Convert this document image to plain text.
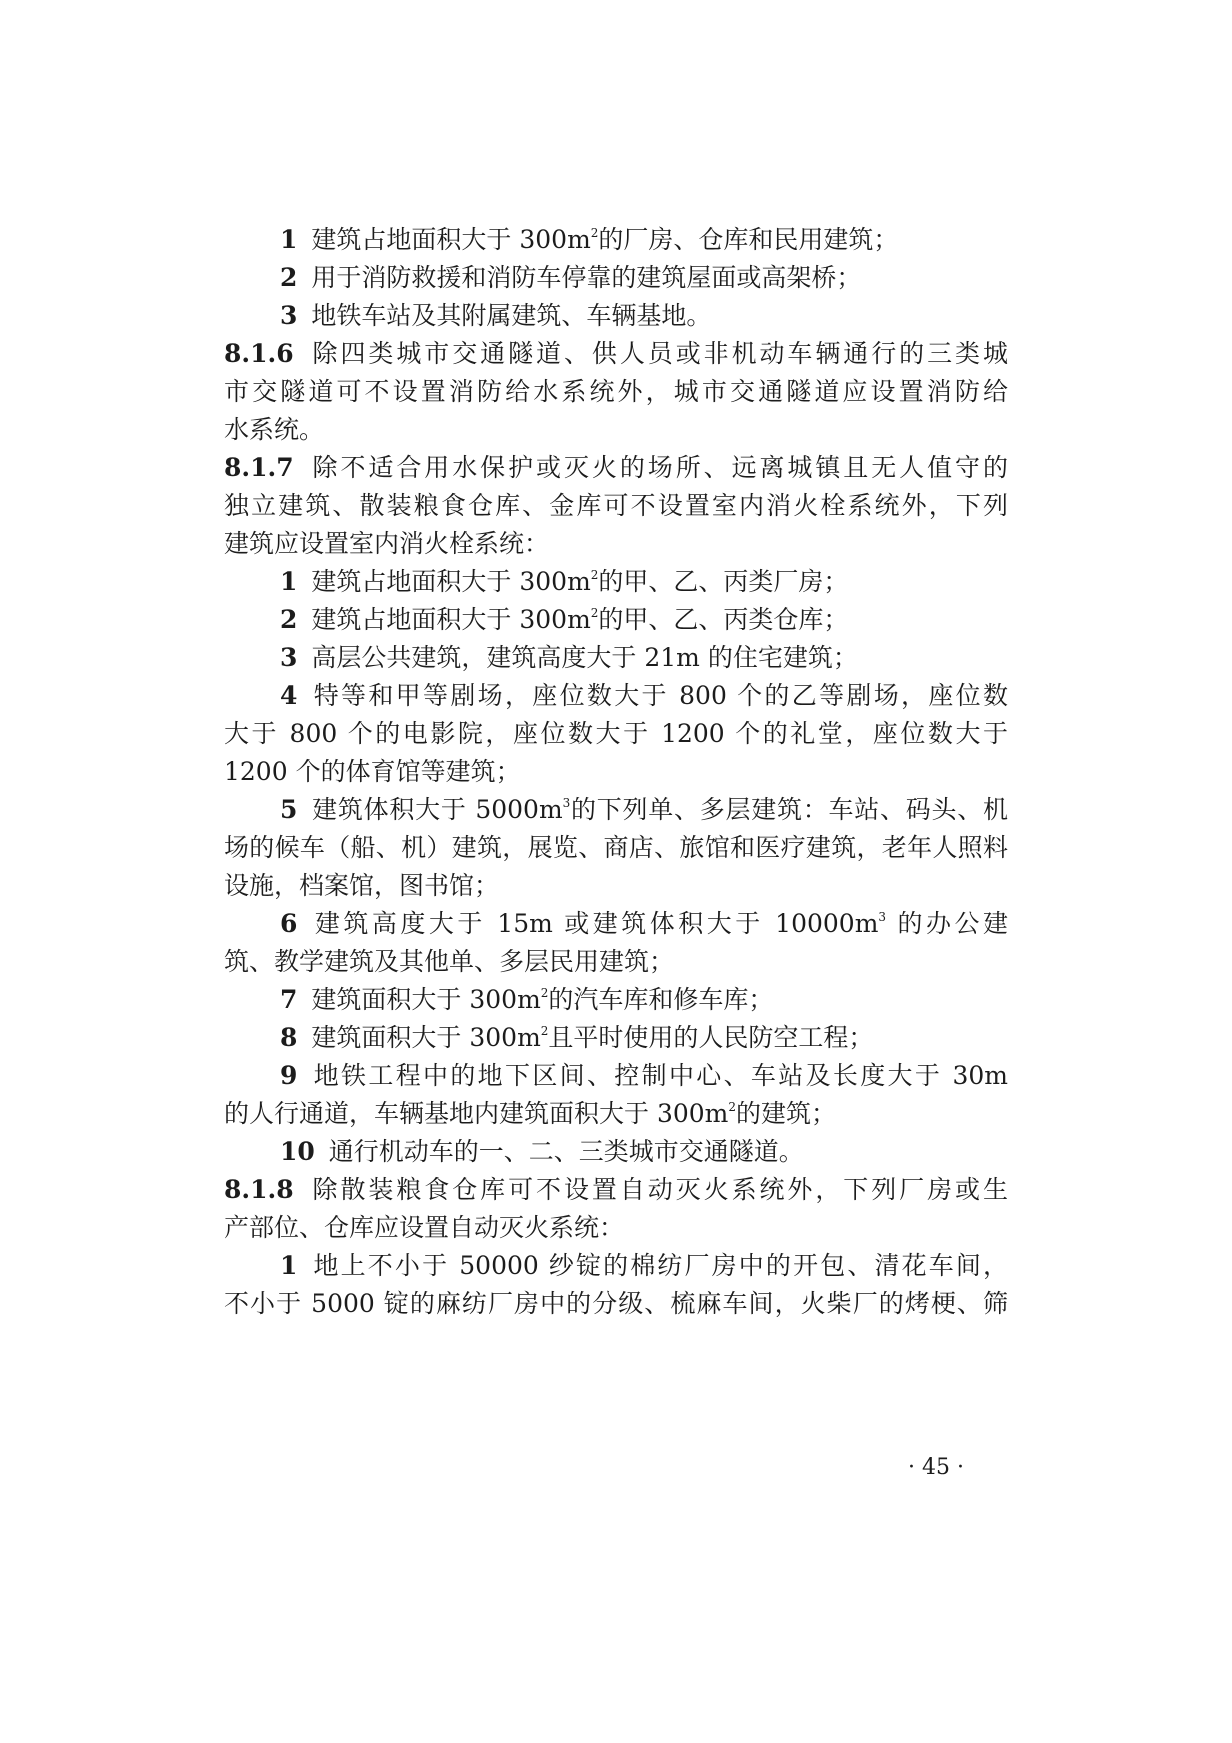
1 建筑占地面积大于 $300m^2$的厂房、仓库和民用建筑；
2 用于消防救援和消防车停靠的建筑屋面或高架桥；
3 地铁车站及其附属建筑、车辆基地。
8.1.6 除四类城市交通隧道、供人员或非机动车辆通行的三类城
市交隧道可不设置消防给水系统外，城市交通隧道应设置消防给
水系统。
8.1.7 除不适合用水保护或灭火的场所、远离城镇且无人值守的
独立建筑、散装粮食仓库、金库可不设置室内消火栓系统外，下列
建筑应设置室内消火栓系统：
1 建筑占地面积大于 $300m^2$的甲、乙、丙类厂房；
2 建筑占地面积大于 $300m^2$的甲、乙、丙类仓库；
3 高层公共建筑，建筑高度大于 21m 的住宅建筑；
4 特等和甲等剧场，座位数大于 800 个的乙等剧场，座位数
大于 800 个的电影院，座位数大于 1200 个的礼堂，座位数大于
1200 个的体育馆等建筑；
5 建筑体积大于 $5000m^3$的下列单、多层建筑：车站、码头、机
场的候车（船、机）建筑，展览、商店、旅馆和医疗建筑，老年人照料
设施，档案馆，图书馆；
6 建筑高度大于 15m 或建筑体积大于 $10000m^3$ 的办公建
筑、教学建筑及其他单、多层民用建筑；
7 建筑面积大于 $300m^2$的汽车库和修车库；
8 建筑面积大于 $300m^2$且平时使用的人民防空工程；
9 地铁工程中的地下区间、控制中心、车站及长度大于 30m
的人行通道，车辆基地内建筑面积大于 $300m^2$的建筑；
10 通行机动车的一、二、三类城市交通隧道。
8.1.8 除散装粮食仓库可不设置自动灭火系统外，下列厂房或生
产部位、仓库应设置自动灭火系统：
1 地上不小于 50000 纱锭的棉纺厂房中的开包、清花车间，
不小于 5000 锭的麻纺厂房中的分级、梳麻车间，火柴厂的烤梗、筛
· 45 ·
